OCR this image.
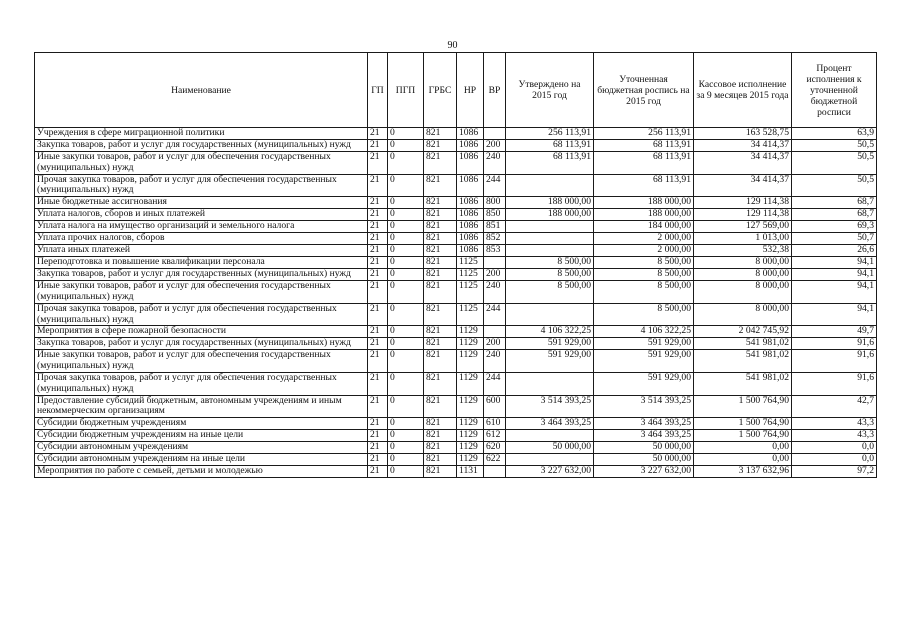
90
Наименование	ГП	ПГП	ГРБС	НР	ВР	Утверждено на 2015 год	Уточненная бюджетная роспись на 2015 год	Кассовое исполнение за 9 месяцев 2015 года	Процент исполнения к уточненной бюджетной росписи
Учреждения в сфере миграционной политики	21	0	821	1086		256 113,91	256 113,91	163 528,75	63,9
Закупка товаров, работ и услуг для государственных (муниципальных) нужд	21	0	821	1086	200	68 113,91	68 113,91	34 414,37	50,5
Иные закупки товаров, работ и услуг для обеспечения государственных (муниципальных) нужд	21	0	821	1086	240	68 113,91	68 113,91	34 414,37	50,5
Прочая закупка товаров, работ и услуг для обеспечения государственных (муниципальных) нужд	21	0	821	1086	244		68 113,91	34 414,37	50,5
Иные бюджетные ассигнования	21	0	821	1086	800	188 000,00	188 000,00	129 114,38	68,7
Уплата налогов, сборов и иных платежей	21	0	821	1086	850	188 000,00	188 000,00	129 114,38	68,7
Уплата налога на имущество организаций и земельного налога	21	0	821	1086	851		184 000,00	127 569,00	69,3
Уплата прочих налогов, сборов	21	0	821	1086	852		2 000,00	1 013,00	50,7
Уплата иных платежей	21	0	821	1086	853		2 000,00	532,38	26,6
Переподготовка и повышение квалификации персонала	21	0	821	1125		8 500,00	8 500,00	8 000,00	94,1
Закупка товаров, работ и услуг для государственных (муниципальных) нужд	21	0	821	1125	200	8 500,00	8 500,00	8 000,00	94,1
Иные закупки товаров, работ и услуг для обеспечения государственных (муниципальных) нужд	21	0	821	1125	240	8 500,00	8 500,00	8 000,00	94,1
Прочая закупка товаров, работ и услуг для обеспечения государственных (муниципальных) нужд	21	0	821	1125	244		8 500,00	8 000,00	94,1
Мероприятия в сфере пожарной безопасности	21	0	821	1129		4 106 322,25	4 106 322,25	2 042 745,92	49,7
Закупка товаров, работ и услуг для государственных (муниципальных) нужд	21	0	821	1129	200	591 929,00	591 929,00	541 981,02	91,6
Иные закупки товаров, работ и услуг для обеспечения государственных (муниципальных) нужд	21	0	821	1129	240	591 929,00	591 929,00	541 981,02	91,6
Прочая закупка товаров, работ и услуг для обеспечения государственных (муниципальных) нужд	21	0	821	1129	244		591 929,00	541 981,02	91,6
Предоставление субсидий бюджетным, автономным учреждениям и иным некоммерческим организациям	21	0	821	1129	600	3 514 393,25	3 514 393,25	1 500 764,90	42,7
Субсидии бюджетным учреждениям	21	0	821	1129	610	3 464 393,25	3 464 393,25	1 500 764,90	43,3
Субсидии бюджетным учреждениям на иные цели	21	0	821	1129	612		3 464 393,25	1 500 764,90	43,3
Субсидии автономным учреждениям	21	0	821	1129	620	50 000,00	50 000,00	0,00	0,0
Субсидии автономным учреждениям на иные цели	21	0	821	1129	622		50 000,00	0,00	0,0
Мероприятия по работе с семьей, детьми и молодежью	21	0	821	1131		3 227 632,00	3 227 632,00	3 137 632,96	97,2
